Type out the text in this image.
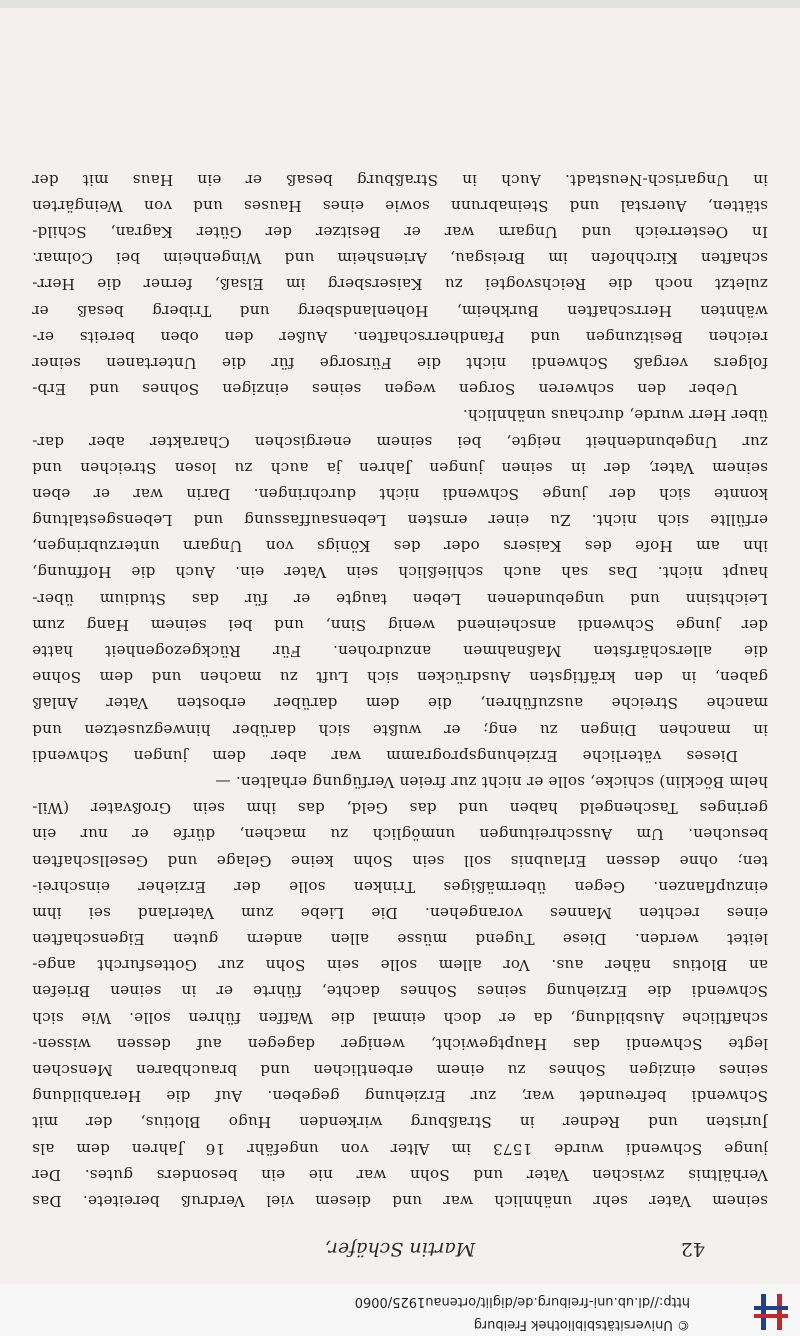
© Universitätsbibliothek Freiburg
http://dl.ub.uni-freiburg.de/diglit/ortenau1925/0060
42
Martin Schäfer,
seinem Vater sehr unähnlich war und diesem viel Verdruß bereitete. Das
Verhältnis zwischen Vater und Sohn war nie ein besonders gutes. Der
junge Schwendi wurde 1573 im Alter von ungefähr 16 Jahren dem als
Juristen und Redner in Straßburg wirkenden Hugo Blotius, der mit
Schwendi befreundet war, zur Erziehung gegeben. Auf die Heranbildung
seines einzigen Sohnes zu einem erbentlichen und brauchbaren Menschen
legte Schwendi das Hauptgewicht, weniger dagegen auf dessen wissen-
schaftliche Ausbildung, da er doch einmal die Waffen führen solle. Wie sich
Schwendi die Erziehung seines Sohnes dachte, führte er in seinen Briefen
an Blotius näher aus. Vor allem solle sein Sohn zur Gottesfurcht ange-
leitet werden. Diese Tugend müsse allen andern guten Eigenschaften
eines rechten Mannes vorangehen. Die Liebe zum Vaterland sei ihm
einzupflanzen. Gegen übermäßiges Trinken solle der Erzieher einschrei-
ten; ohne dessen Erlaubnis soll sein Sohn keine Gelage und Gesellschaften
besuchen. Um Ausschreitungen unmöglich zu machen, dürfe er nur ein
geringes Taschengeld haben und das Geld, das ihm sein Großvater (Wil-
helm Böcklin) schicke, solle er nicht zur freien Verfügung erhalten. —
Dieses väterliche Erziehungsprogramm war aber dem jungen Schwendi
in manchen Dingen zu eng; er wußte sich darüber hinwegzusetzen und
manche Streiche auszuführen, die dem darüber erbosten Vater Anlaß
gaben, in den kräftigsten Ausdrücken sich Luft zu machen und dem Sohne
die allerschärfsten Maßnahmen anzudrohen. Für Rückgezogenheit hatte
der junge Schwendi anscheinend wenig Sinn, und bei seinem Hang zum
Leichtsinn und ungebundenen Leben taugte er für das Studium über-
haupt nicht. Das sah auch schließlich sein Vater ein. Auch die Hoffnung,
ihn am Hofe des Kaisers oder des Königs von Ungarn unterzubringen,
erfüllte sich nicht. Zu einer ernsten Lebensauffassung und Lebensgestaltung
konnte sich der junge Schwendi nicht durchringen. Darin war er eben
seinem Vater, der in seinen jungen Jahren ja auch zu losen Streichen und
zur Ungebundenheit neigte, bei seinem energischen Charakter aber dar-
über Herr wurde, durchaus unähnlich.
Ueber den schweren Sorgen wegen seines einzigen Sohnes und Erb-
folgers vergaß Schwendi nicht die Fürsorge für die Untertanen seiner
reichen Besitzungen und Pfandherrschaften. Außer den oben bereits er-
wähnten Herrschaften Burkheim, Hohenlandsberg und Triberg besaß er
zuletzt noch die Reichsvogtei zu Kaisersberg im Elsaß, ferner die Herr-
schaften Kirchhofen im Breisgau, Ariensheim und Wingenheim bei Colmar.
In Oesterreich und Ungarn war er Besitzer der Güter Kagran, Schild-
stätten, Auerstal und Steinabrunn sowie eines Hauses und von Weingärten
in Ungarisch-Neustadt. Auch in Straßburg besaß er ein Haus mit der
